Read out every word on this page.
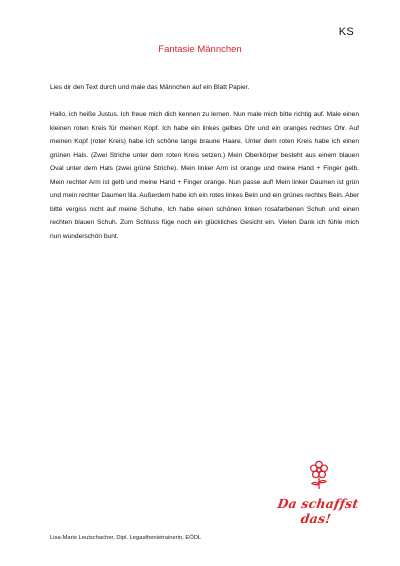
KS
Fantasie Männchen
Lies dir den Text durch und male das Männchen auf ein Blatt Papier.

Hallo, ich heiße Justus. Ich freue mich dich kennen zu lernen. Nun male mich bitte richtig auf. Male einen kleinen roten Kreis für meinen Kopf. Ich habe ein linkes gelbes Ohr und ein oranges rechtes Ohr. Auf meinen Kopf (roter Kreis) habe ich schöne lange braune Haare. Unter dem roten Kreis habe ich einen grünen Hals. (Zwei Striche unter dem roten Kreis setzen.) Mein Oberkörper besteht aus einem blauen Oval unter dem Hals (zwei grüne Striche). Mein linker Arm ist orange und meine Hand + Finger gelb. Mein rechter Arm ist gelb und meine Hand + Finger orange. Nun passe auf! Mein linker Daumen ist grün und mein rechter Daumen lila. Außerdem habe ich ein rotes linkes Bein und ein grünes rechtes Bein. Aber bitte vergiss nicht auf meine Schuhe. Ich habe einen schönen linken rosafarbenen Schuh und einen rechten blauen Schuh. Zum Schluss füge noch ein glückliches Gesicht ein. Vielen Dank ich fühle mich nun wunderschön bunt.

Da schaffst das!
Lisa-Marie Leutschacher, Dipl. Legasthenietrainerin, EÖDL
